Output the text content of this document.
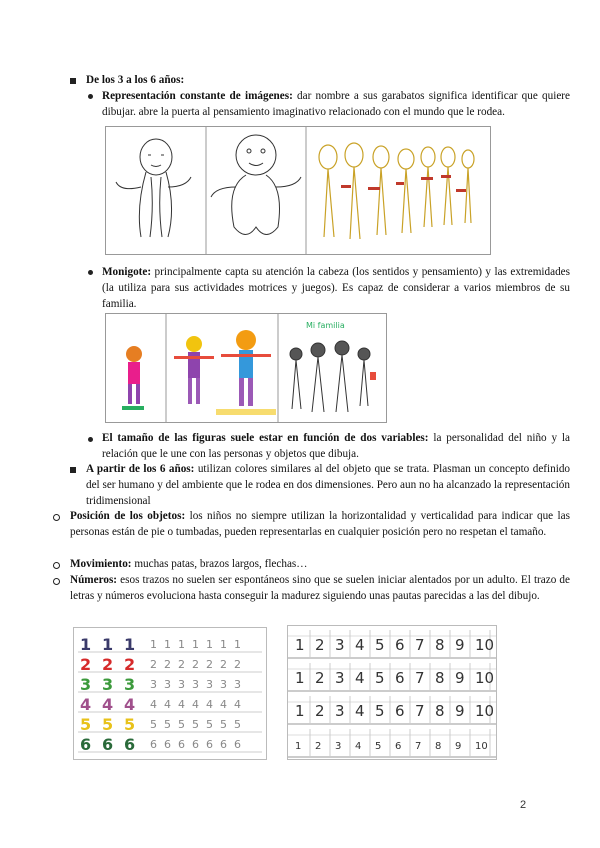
De los 3 a los 6 años:
Representación constante de imágenes: dar nombre a sus garabatos significa identificar que quiere dibujar. abre la puerta al pensamiento imaginativo relacionado con el mundo que le rodea.
Monigote: principalmente capta su atención la cabeza (los sentidos y pensamiento) y las extremidades (la utiliza para sus actividades motrices y juegos). Es capaz de considerar a varios miembros de su familia.
Mi familia
El tamaño de las figuras suele estar en función de dos variables: la personalidad del niño y la relación que le une con las personas y objetos que dibuja.
A partir de los 6 años: utilizan colores similares al del objeto que se trata. Plasman un concepto definido del ser humano y del ambiente que le rodea en dos dimensiones. Pero aun no ha alcanzado la representación tridimensional
Posición de los objetos: los niños no siempre utilizan la horizontalidad y verticalidad para indicar que las personas están de pie o tumbadas, pueden representarlas en cualquier posición pero no respetan el tamaño.
Movimiento: muchas patas, brazos largos, flechas…
Números: esos trazos no suelen ser espontáneos sino que se suelen iniciar alentados por un adulto. El trazo de letras y números evoluciona hasta conseguir la madurez siguiendo unas pautas parecidas a las del dibujo.
1 1 1 1 1 1 1 1 1 1
2 2 2 2 2 2 2 2 2 2
3 3 3 3 3 3 3 3 3 3
4 4 4 4 4 4 4 4 4 4
5 5 5 5 5 5 5 5 5 5
6 6 6 6 6 6 6 6 6 6
1 2 3 4 5 6 7 8 9 10
1 2 3 4 5 6 7 8 9 10
1 2 3 4 5 6 7 8 9 10
1 2 3 4 5 6 7 8 9 10
2
